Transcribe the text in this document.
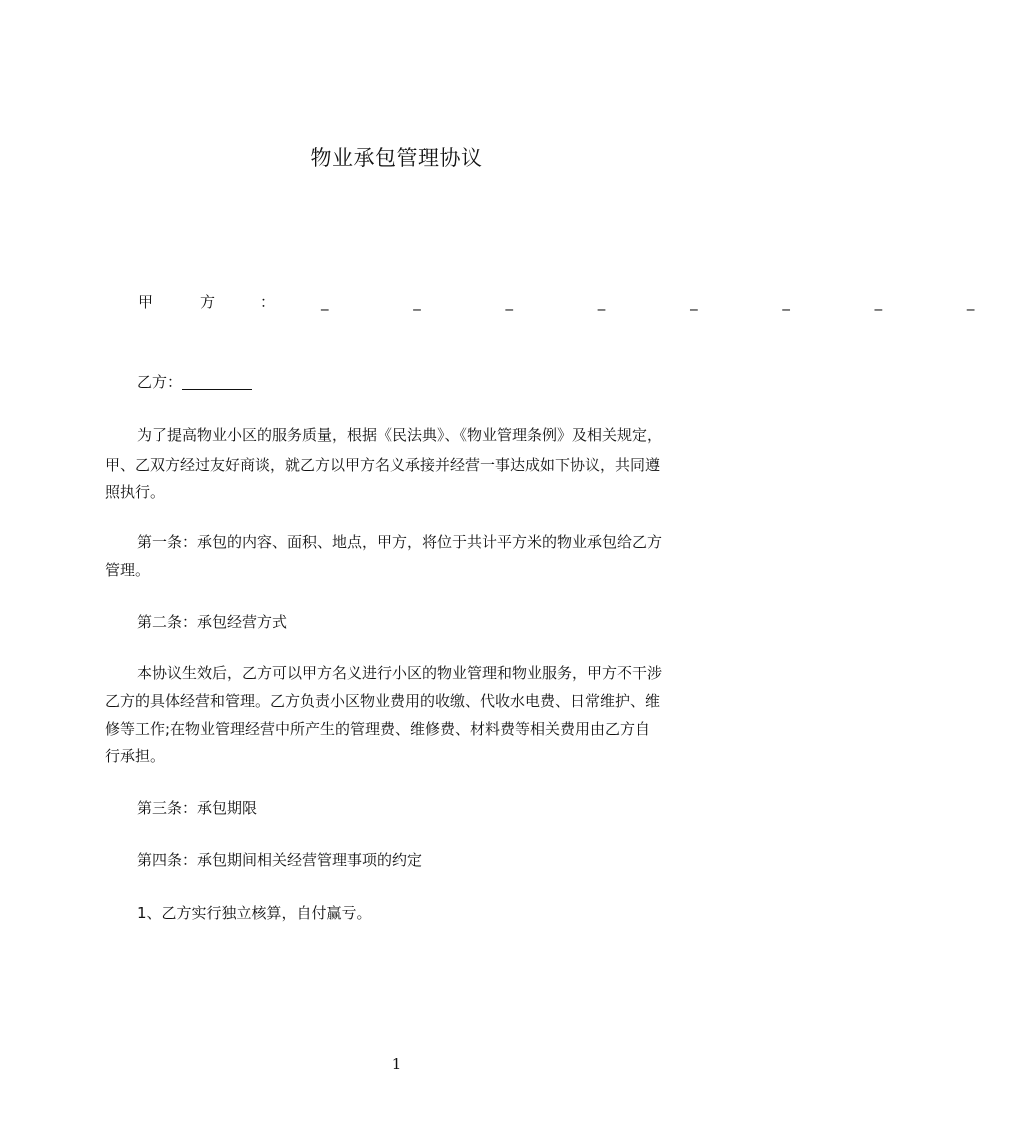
物业承包管理协议
甲	方	：	_ _ _ _ _ _ _ _

乙方：

为了提高物业小区的服务质量，根据《民法典》、《物业管理条例》及相关规定，

甲、乙双方经过友好商谈，就乙方以甲方名义承接并经营一事达成如下协议，共同遵

照执行。

第一条：承包的内容、面积、地点，甲方，将位于共计平方米的物业承包给乙方

管理。

第二条：承包经营方式

本协议生效后，乙方可以甲方名义进行小区的物业管理和物业服务，甲方不干涉

乙方的具体经营和管理。乙方负责小区物业费用的收缴、代收水电费、日常维护、维

修等工作;在物业管理经营中所产生的管理费、维修费、材料费等相关费用由乙方自

行承担。

第三条：承包期限

第四条：承包期间相关经营管理事项的约定

1、乙方实行独立核算，自付赢亏。

1
